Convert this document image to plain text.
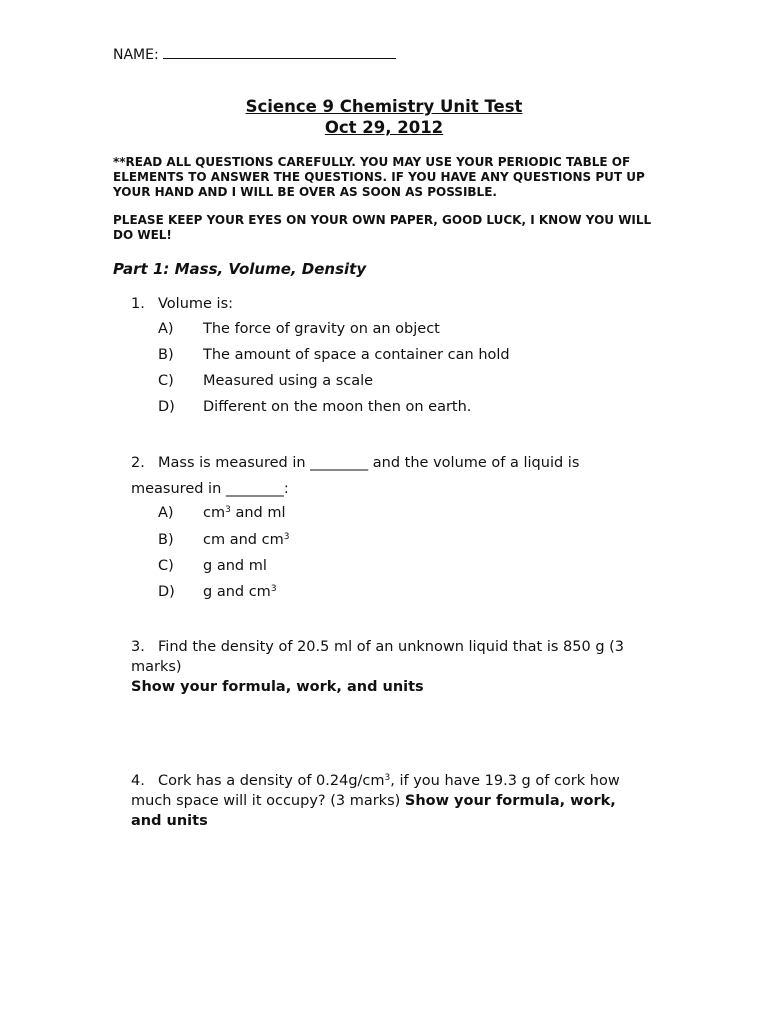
NAME:
Science 9 Chemistry Unit Test
Oct 29, 2012
**READ ALL QUESTIONS CAREFULLY. YOU MAY USE YOUR PERIODIC TABLE OF ELEMENTS TO ANSWER THE QUESTIONS. IF YOU HAVE ANY QUESTIONS PUT UP YOUR HAND AND I WILL BE OVER AS SOON AS POSSIBLE.
PLEASE KEEP YOUR EYES ON YOUR OWN PAPER, GOOD LUCK, I KNOW YOU WILL DO WEL!
Part 1: Mass, Volume, Density
1. Volume is:
A) The force of gravity on an object
B) The amount of space a container can hold
C) Measured using a scale
D) Different on the moon then on earth.
2. Mass is measured in ________ and the volume of a liquid is
measured in ________:
A) $cm^3$ and ml
B) cm and $cm^3$
C) g and ml
D) g and $cm^3$
3. Find the density of 20.5 ml of an unknown liquid that is 850 g (3 marks)
Show your formula, work, and units
4. Cork has a density of $0.24g/cm^3$, if you have 19.3 g of cork how much space will it occupy? (3 marks) Show your formula, work, and units
